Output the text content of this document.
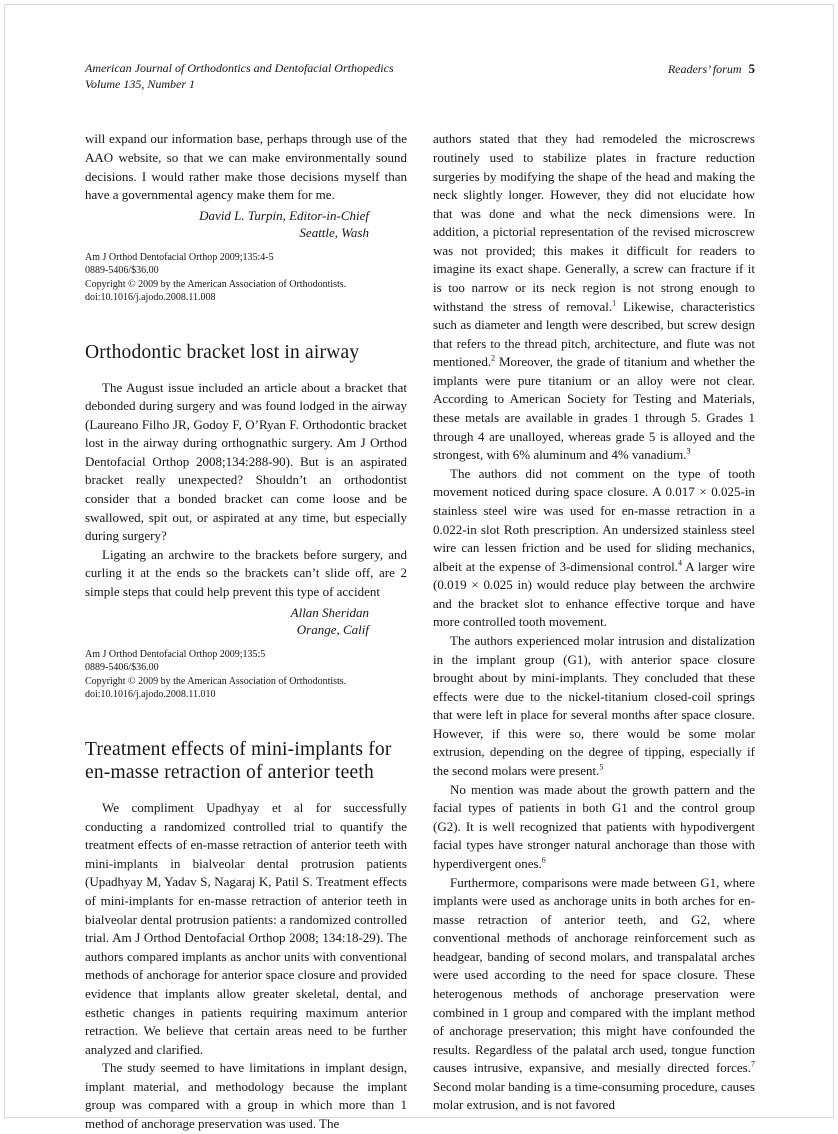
American Journal of Orthodontics and Dentofacial Orthopedics
Volume 135, Number 1
Readers’ forum 5

will expand our information base, perhaps through use of the AAO website, so that we can make environmentally sound decisions. I would rather make those decisions myself than have a governmental agency make them for me.

David L. Turpin, Editor-in-Chief
Seattle, Wash
Am J Orthod Dentofacial Orthop 2009;135:4-5
0889-5406/$36.00
Copyright © 2009 by the American Association of Orthodontists.
doi:10.1016/j.ajodo.2008.11.008
Orthodontic bracket lost in airway

The August issue included an article about a bracket that debonded during surgery and was found lodged in the airway (Laureano Filho JR, Godoy F, O’Ryan F. Orthodontic bracket lost in the airway during orthognathic surgery. Am J Orthod Dentofacial Orthop 2008;134:288-90). But is an aspirated bracket really unexpected? Shouldn’t an orthodontist consider that a bonded bracket can come loose and be swallowed, spit out, or aspirated at any time, but especially during surgery?

Ligating an archwire to the brackets before surgery, and curling it at the ends so the brackets can’t slide off, are 2 simple steps that could help prevent this type of accident

Allan Sheridan
Orange, Calif
Am J Orthod Dentofacial Orthop 2009;135:5
0889-5406/$36.00
Copyright © 2009 by the American Association of Orthodontists.
doi:10.1016/j.ajodo.2008.11.010
Treatment effects of mini-implants for en-masse retraction of anterior teeth

We compliment Upadhyay et al for successfully conducting a randomized controlled trial to quantify the treatment effects of en-masse retraction of anterior teeth with mini-implants in bialveolar dental protrusion patients (Upadhyay M, Yadav S, Nagaraj K, Patil S. Treatment effects of mini-implants for en-masse retraction of anterior teeth in bialveolar dental protrusion patients: a randomized controlled trial. Am J Orthod Dentofacial Orthop 2008; 134:18-29). The authors compared implants as anchor units with conventional methods of anchorage for anterior space closure and provided evidence that implants allow greater skeletal, dental, and esthetic changes in patients requiring maximum anterior retraction. We believe that certain areas need to be further analyzed and clarified.

The study seemed to have limitations in implant design, implant material, and methodology because the implant group was compared with a group in which more than 1 method of anchorage preservation was used. The

authors stated that they had remodeled the microscrews routinely used to stabilize plates in fracture reduction surgeries by modifying the shape of the head and making the neck slightly longer. However, they did not elucidate how that was done and what the neck dimensions were. In addition, a pictorial representation of the revised microscrew was not provided; this makes it difficult for readers to imagine its exact shape. Generally, a screw can fracture if it is too narrow or its neck region is not strong enough to withstand the stress of removal.$^1$ Likewise, characteristics such as diameter and length were described, but screw design that refers to the thread pitch, architecture, and flute was not mentioned.$^2$ Moreover, the grade of titanium and whether the implants were pure titanium or an alloy were not clear. According to American Society for Testing and Materials, these metals are available in grades 1 through 5. Grades 1 through 4 are unalloyed, whereas grade 5 is alloyed and the strongest, with 6% aluminum and 4% vanadium.$^3$

The authors did not comment on the type of tooth movement noticed during space closure. A 0.017 × 0.025-in stainless steel wire was used for en-masse retraction in a 0.022-in slot Roth prescription. An undersized stainless steel wire can lessen friction and be used for sliding mechanics, albeit at the expense of 3-dimensional control.$^4$ A larger wire (0.019 × 0.025 in) would reduce play between the archwire and the bracket slot to enhance effective torque and have more controlled tooth movement.

The authors experienced molar intrusion and distalization in the implant group (G1), with anterior space closure brought about by mini-implants. They concluded that these effects were due to the nickel-titanium closed-coil springs that were left in place for several months after space closure. However, if this were so, there would be some molar extrusion, depending on the degree of tipping, especially if the second molars were present.$^5$

No mention was made about the growth pattern and the facial types of patients in both G1 and the control group (G2). It is well recognized that patients with hypodivergent facial types have stronger natural anchorage than those with hyperdivergent ones.$^6$

Furthermore, comparisons were made between G1, where implants were used as anchorage units in both arches for en-masse retraction of anterior teeth, and G2, where conventional methods of anchorage reinforcement such as headgear, banding of second molars, and transpalatal arches were used according to the need for space closure. These heterogenous methods of anchorage preservation were combined in 1 group and compared with the implant method of anchorage preservation; this might have confounded the results. Regardless of the palatal arch used, tongue function causes intrusive, expansive, and mesially directed forces.$^7$ Second molar banding is a time-consuming procedure, causes molar extrusion, and is not favored
